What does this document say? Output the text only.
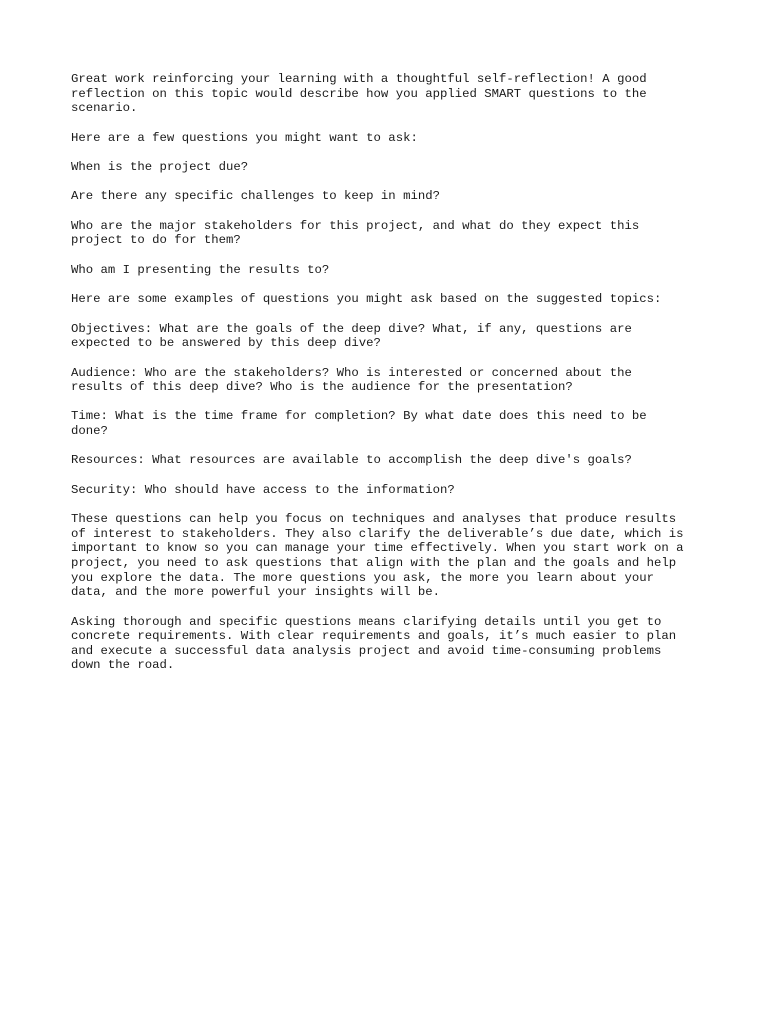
Great work reinforcing your learning with a thoughtful self-reflection! A good
reflection on this topic would describe how you applied SMART questions to the
scenario.

Here are a few questions you might want to ask:

When is the project due?

Are there any specific challenges to keep in mind?

Who are the major stakeholders for this project, and what do they expect this
project to do for them?

Who am I presenting the results to?

Here are some examples of questions you might ask based on the suggested topics:

Objectives: What are the goals of the deep dive? What, if any, questions are
expected to be answered by this deep dive?

Audience: Who are the stakeholders? Who is interested or concerned about the
results of this deep dive? Who is the audience for the presentation?

Time: What is the time frame for completion? By what date does this need to be
done?

Resources: What resources are available to accomplish the deep dive's goals?

Security: Who should have access to the information?

These questions can help you focus on techniques and analyses that produce results
of interest to stakeholders. They also clarify the deliverable’s due date, which is
important to know so you can manage your time effectively. When you start work on a
project, you need to ask questions that align with the plan and the goals and help
you explore the data. The more questions you ask, the more you learn about your
data, and the more powerful your insights will be.

Asking thorough and specific questions means clarifying details until you get to
concrete requirements. With clear requirements and goals, it’s much easier to plan
and execute a successful data analysis project and avoid time-consuming problems
down the road.
